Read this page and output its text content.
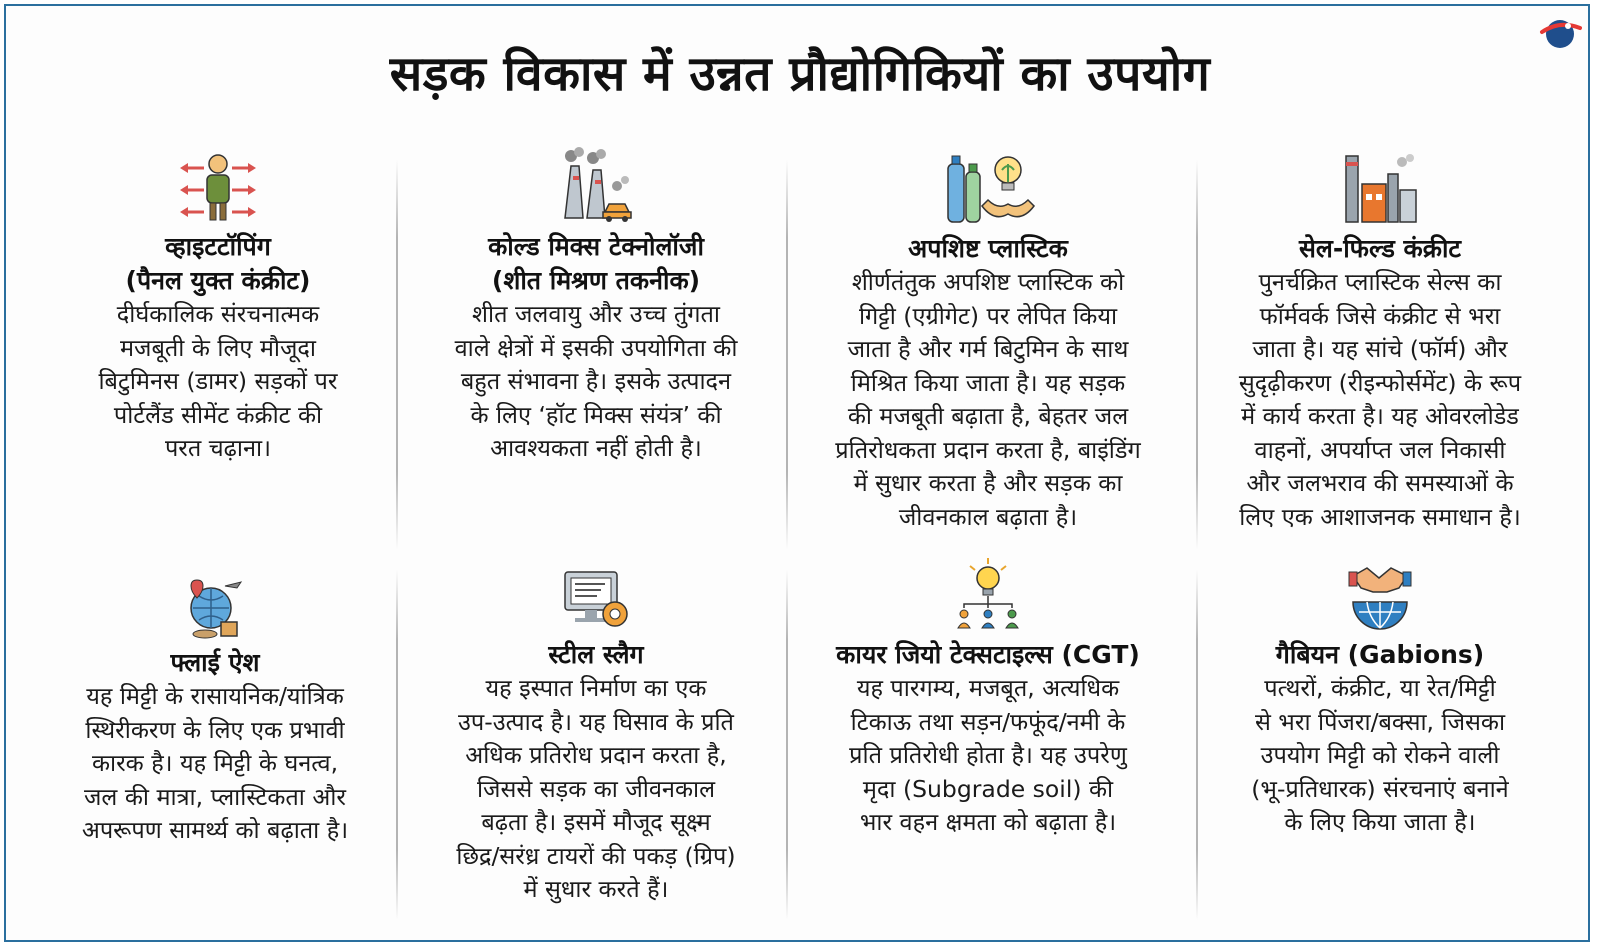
सड़क विकास में उन्नत प्रौद्योगिकियों का उपयोग
व्हाइटटॉपिंग
(पैनल युक्त कंक्रीट)

दीर्घकालिक संरचनात्मक
मजबूती के लिए मौजूदा
बिटुमिनस (डामर) सड़कों पर
पोर्टलैंड सीमेंट कंक्रीट की
परत चढ़ाना।

कोल्ड मिक्स टेक्नोलॉजी
(शीत मिश्रण तकनीक)

शीत जलवायु और उच्च तुंगता
वाले क्षेत्रों में इसकी उपयोगिता की
बहुत संभावना है। इसके उत्पादन
के लिए ‘हॉट मिक्स संयंत्र’ की
आवश्यकता नहीं होती है।

अपशिष्ट प्लास्टिक

शीर्णतंतुक अपशिष्ट प्लास्टिक को
गिट्टी (एग्रीगेट) पर लेपित किया
जाता है और गर्म बिटुमिन के साथ
मिश्रित किया जाता है। यह सड़क
की मजबूती बढ़ाता है, बेहतर जल
प्रतिरोधकता प्रदान करता है, बाइंडिंग
में सुधार करता है और सड़क का
जीवनकाल बढ़ाता है।

सेल-फिल्ड कंक्रीट

पुनर्चक्रित प्लास्टिक सेल्स का
फॉर्मवर्क जिसे कंक्रीट से भरा
जाता है। यह सांचे (फॉर्म) और
सुदृढ़ीकरण (रीइन्फोर्समेंट) के रूप
में कार्य करता है। यह ओवरलोडेड
वाहनों, अपर्याप्त जल निकासी
और जलभराव की समस्याओं के
लिए एक आशाजनक समाधान है।

फ्लाई ऐश

यह मिट्टी के रासायनिक/यांत्रिक
स्थिरीकरण के लिए एक प्रभावी
कारक है। यह मिट्टी के घनत्व,
जल की मात्रा, प्लास्टिकता और
अपरूपण सामर्थ्य को बढ़ाता है।

स्टील स्लैग

यह इस्पात निर्माण का एक
उप-उत्पाद है। यह घिसाव के प्रति
अधिक प्रतिरोध प्रदान करता है,
जिससे सड़क का जीवनकाल
बढ़ता है। इसमें मौजूद सूक्ष्म
छिद्र/सरंध्र टायरों की पकड़ (ग्रिप)
में सुधार करते हैं।

कायर जियो टेक्सटाइल्स (CGT)

यह पारगम्य, मजबूत, अत्यधिक
टिकाऊ तथा सड़न/फफूंद/नमी के
प्रति प्रतिरोधी होता है। यह उपरेणु
मृदा (Subgrade soil) की
भार वहन क्षमता को बढ़ाता है।

गैबियन (Gabions)

पत्थरों, कंक्रीट, या रेत/मिट्टी
से भरा पिंजरा/बक्सा, जिसका
उपयोग मिट्टी को रोकने वाली
(भू-प्रतिधारक) संरचनाएं बनाने
के लिए किया जाता है।
